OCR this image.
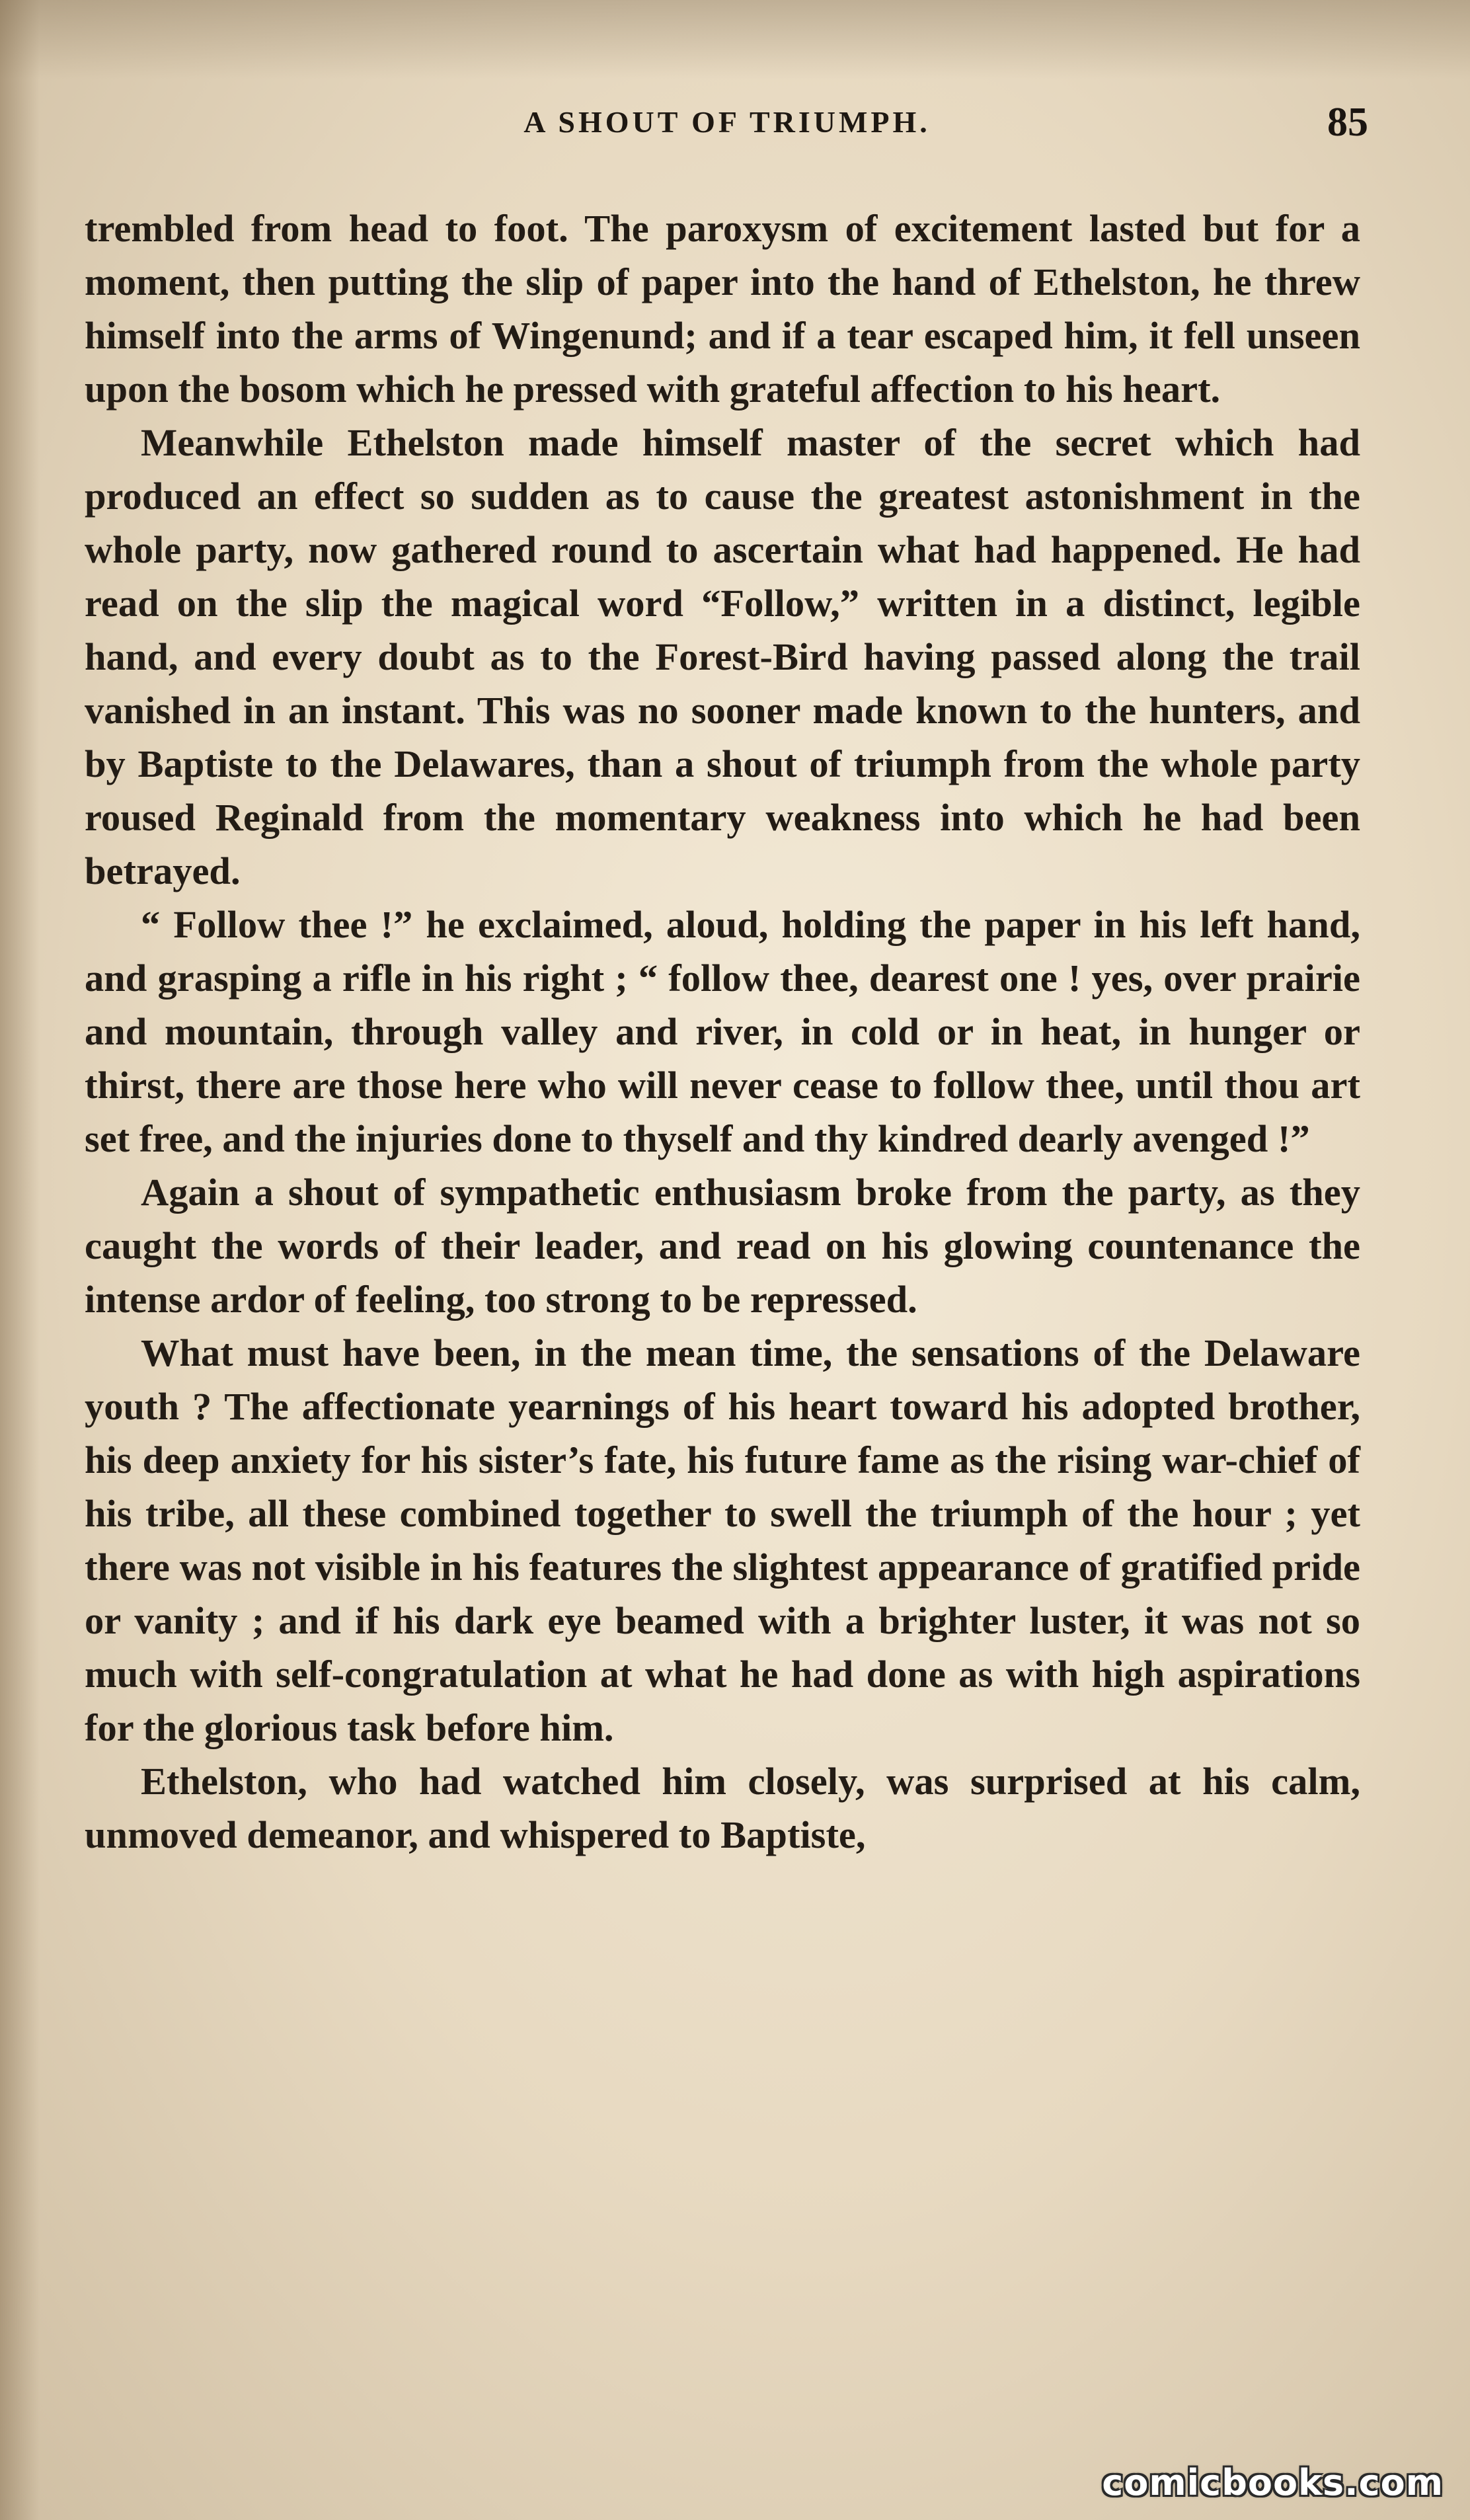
A SHOUT OF TRIUMPH.	85

trembled from head to foot. The paroxysm of excitement lasted but for a moment, then putting the slip of paper into the hand of Ethelston, he threw himself into the arms of Wingenund; and if a tear escaped him, it fell unseen upon the bosom which he pressed with grateful affection to his heart.

Meanwhile Ethelston made himself master of the secret which had produced an effect so sudden as to cause the greatest astonishment in the whole party, now gathered round to ascertain what had happened. He had read on the slip the magical word “Follow,” written in a distinct, legible hand, and every doubt as to the Forest-Bird having passed along the trail vanished in an instant. This was no sooner made known to the hunters, and by Baptiste to the Delawares, than a shout of triumph from the whole party roused Reginald from the momentary weakness into which he had been betrayed.

“ Follow thee !” he exclaimed, aloud, holding the paper in his left hand, and grasping a rifle in his right ; “ follow thee, dearest one ! yes, over prairie and mountain, through valley and river, in cold or in heat, in hunger or thirst, there are those here who will never cease to follow thee, until thou art set free, and the injuries done to thyself and thy kindred dearly avenged !”

Again a shout of sympathetic enthusiasm broke from the party, as they caught the words of their leader, and read on his glowing countenance the intense ardor of feeling, too strong to be repressed.

What must have been, in the mean time, the sensations of the Delaware youth ? The affectionate yearnings of his heart toward his adopted brother, his deep anxiety for his sister’s fate, his future fame as the rising war-chief of his tribe, all these combined together to swell the triumph of the hour ; yet there was not visible in his features the slightest appearance of gratified pride or vanity ; and if his dark eye beamed with a brighter luster, it was not so much with self-congratulation at what he had done as with high aspirations for the glorious task before him.

Ethelston, who had watched him closely, was surprised at his calm, unmoved demeanor, and whispered to Baptiste,

comicbooks.com
